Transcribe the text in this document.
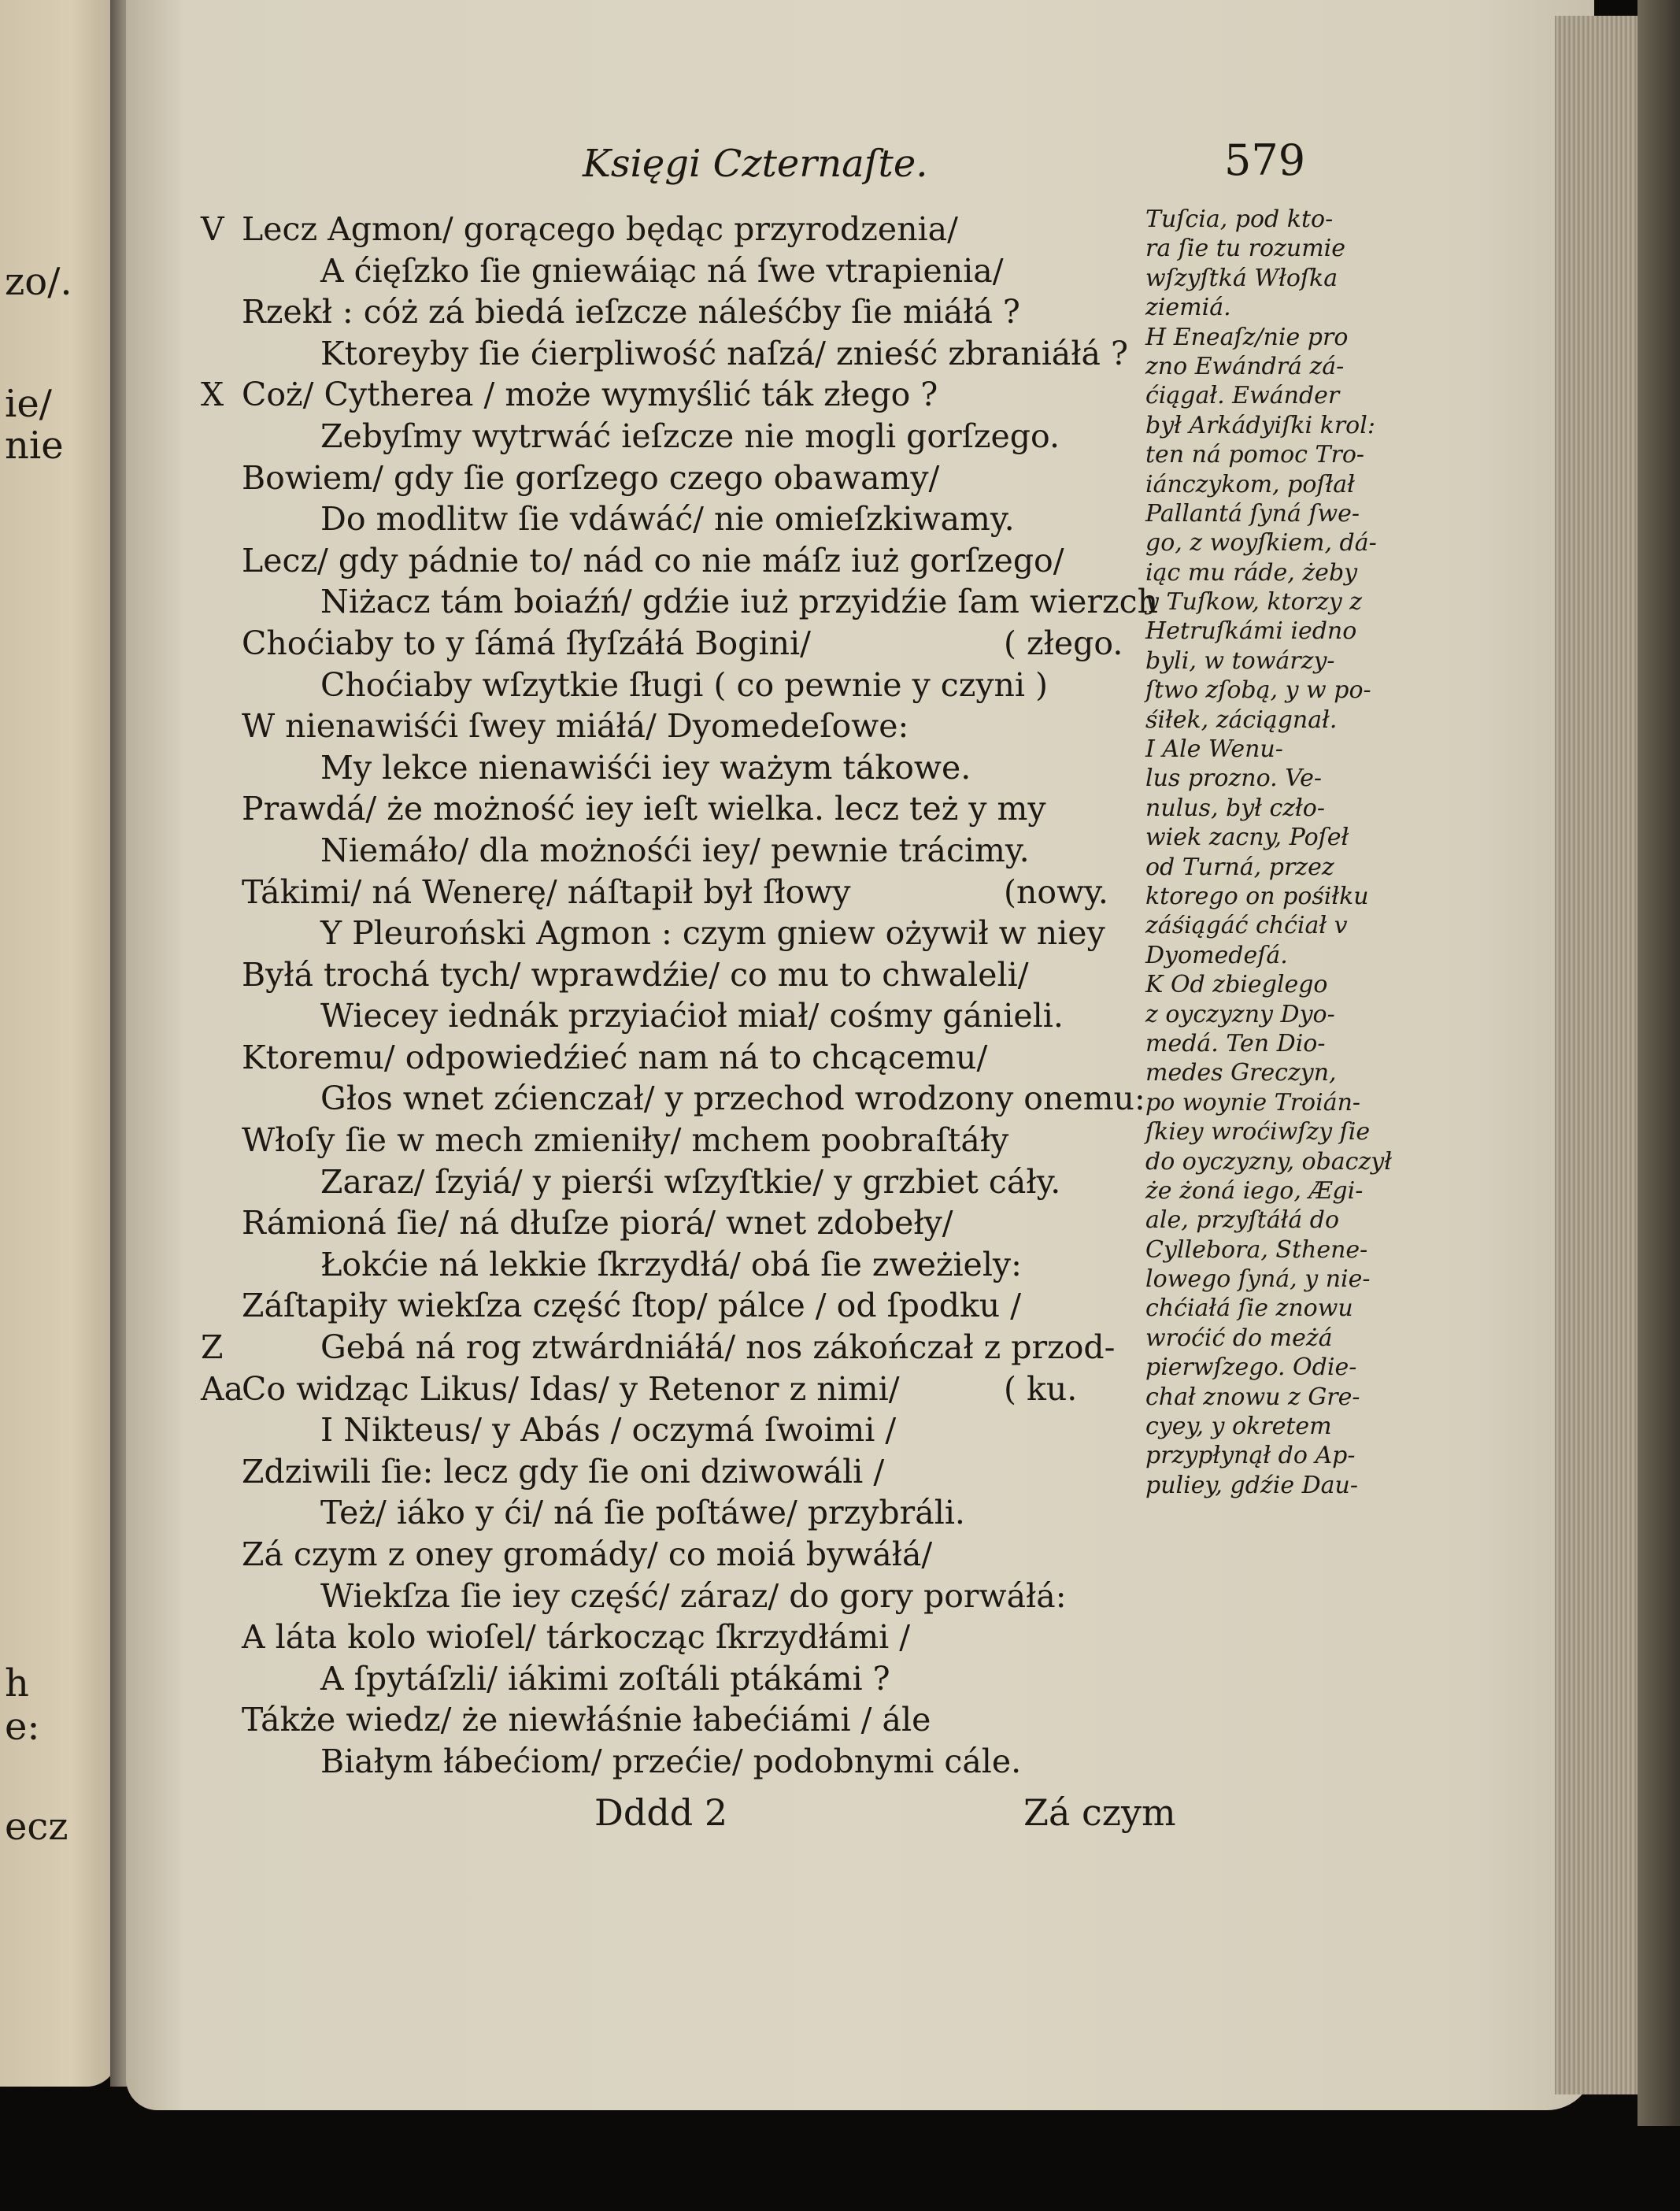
zo/.
ie/
nie
h
e:
ecz
Księgi Czternaſte.	579
V Lecz Agmon/ gorącego będąc przyrodzenia/
A ćięſzko ſie gniewáiąc ná ſwe vtrapienia/
Rzekł : cóż zá biedá ieſzcze náleśćby ſie miáłá ?
Ktoreyby ſie ćierpliwość naſzá/ znieść zbraniáłá ?
X Coż/ Cytherea / może wymyślić ták złego ?
Zebyſmy wytrwáć ieſzcze nie mogli gorſzego.
Bowiem/ gdy ſie gorſzego czego obawamy/
Do modlitw ſie vdáwáć/ nie omieſzkiwamy.
Lecz/ gdy pádnie to/ nád co nie máſz iuż gorſzego/
Niżacz tám boiaźń/ gdźie iuż przyidźie ſam wierzch
Choćiaby to y ſámá ſłyſzáłá Bogini/	( złego.
Choćiaby wſzytkie ſługi ( co pewnie y czyni )
W nienawiśći ſwey miáłá/ Dyomedeſowe:
My lekce nienawiśći iey ważym tákowe.
Prawdá/ że możność iey ieſt wielka. lecz też y my
Niemáło/ dla możnośći iey/ pewnie trácimy.
Tákimi/ ná Wenerę/ náſtapił był ſłowy	(nowy.
Y Pleuroński Agmon : czym gniew ożywił w niey
Byłá trochá tych/ wprawdźie/ co mu to chwaleli/
Wiecey iednák przyiaćioł miał/ cośmy gánieli.
Ktoremu/ odpowiedźieć nam ná to chcącemu/
Głos wnet zćienczał/ y przechod wrodzony onemu:
Włoſy ſie w mech zmieniły/ mchem poobraſtáły
Zaraz/ ſzyiá/ y pierśi wſzyſtkie/ y grzbiet cáły.
Rámioná ſie/ ná dłuſze piorá/ wnet zdobeły/
Łokćie ná lekkie ſkrzydłá/ obá ſie zweżiely:
Záſtapiły wiekſza część ſtop/ pálce / od ſpodku /
Z	Gebá ná rog ztwárdniáłá/ nos zákończał z przod-
AaCo widząc Likus/ Idas/ y Retenor z nimi/	( ku.
I Nikteus/ y Abás / oczymá ſwoimi /
Zdziwili ſie: lecz gdy ſie oni dziwowáli /
Też/ iáko y ći/ ná ſie poſtáwe/ przybráli.
Zá czym z oney gromády/ co moiá bywáłá/
Wiekſza ſie iey część/ záraz/ do gory porwáłá:
A láta kolo wioſel/ tárkocząc ſkrzydłámi /
A ſpytáſzli/ iákimi zoſtáli ptákámi ?
Tákże wiedz/ że niewłáśnie łabećiámi / ále
Białym łábećiom/ przećie/ podobnymi cále.
Dddd 2	Zá czym
Tuſcia, pod kto-
ra ſie tu rozumie
wſzyſtká Włoſka
ziemiá.
H Eneaſz/nie pro
zno Ewándrá zá-
ćiągał. Ewánder
był Arkádyiſki krol:
ten ná pomoc Tro-
iánczykom, poſłał
Pallantá ſyná ſwe-
go, z woyſkiem, dá-
iąc mu ráde, żeby
y Tuſkow, ktorzy z
Hetruſkámi iedno
byli, w towárzy-
ſtwo zſobą, y w po-
śiłek, záciągnał.
I Ale Wenu-
lus prozno. Ve-
nulus, był czło-
wiek zacny, Poſeł
od Turná, przez
ktorego on pośiłku
záśiągáć chćiał v
Dyomedeſá.
K Od zbieglego
z oyczyzny Dyo-
medá. Ten Dio-
medes Greczyn,
po woynie Troián-
ſkiey wroćiwſzy ſie
do oyczyzny, obaczył
że żoná iego, Ægi-
ale, przyſtáłá do
Cyllebora, Sthene-
lowego ſyná, y nie-
chćiałá ſie znowu
wroćić do meżá
pierwſzego. Odie-
chał znowu z Gre-
cyey, y okretem
przypłynął do Ap-
puliey, gdźie Dau-
